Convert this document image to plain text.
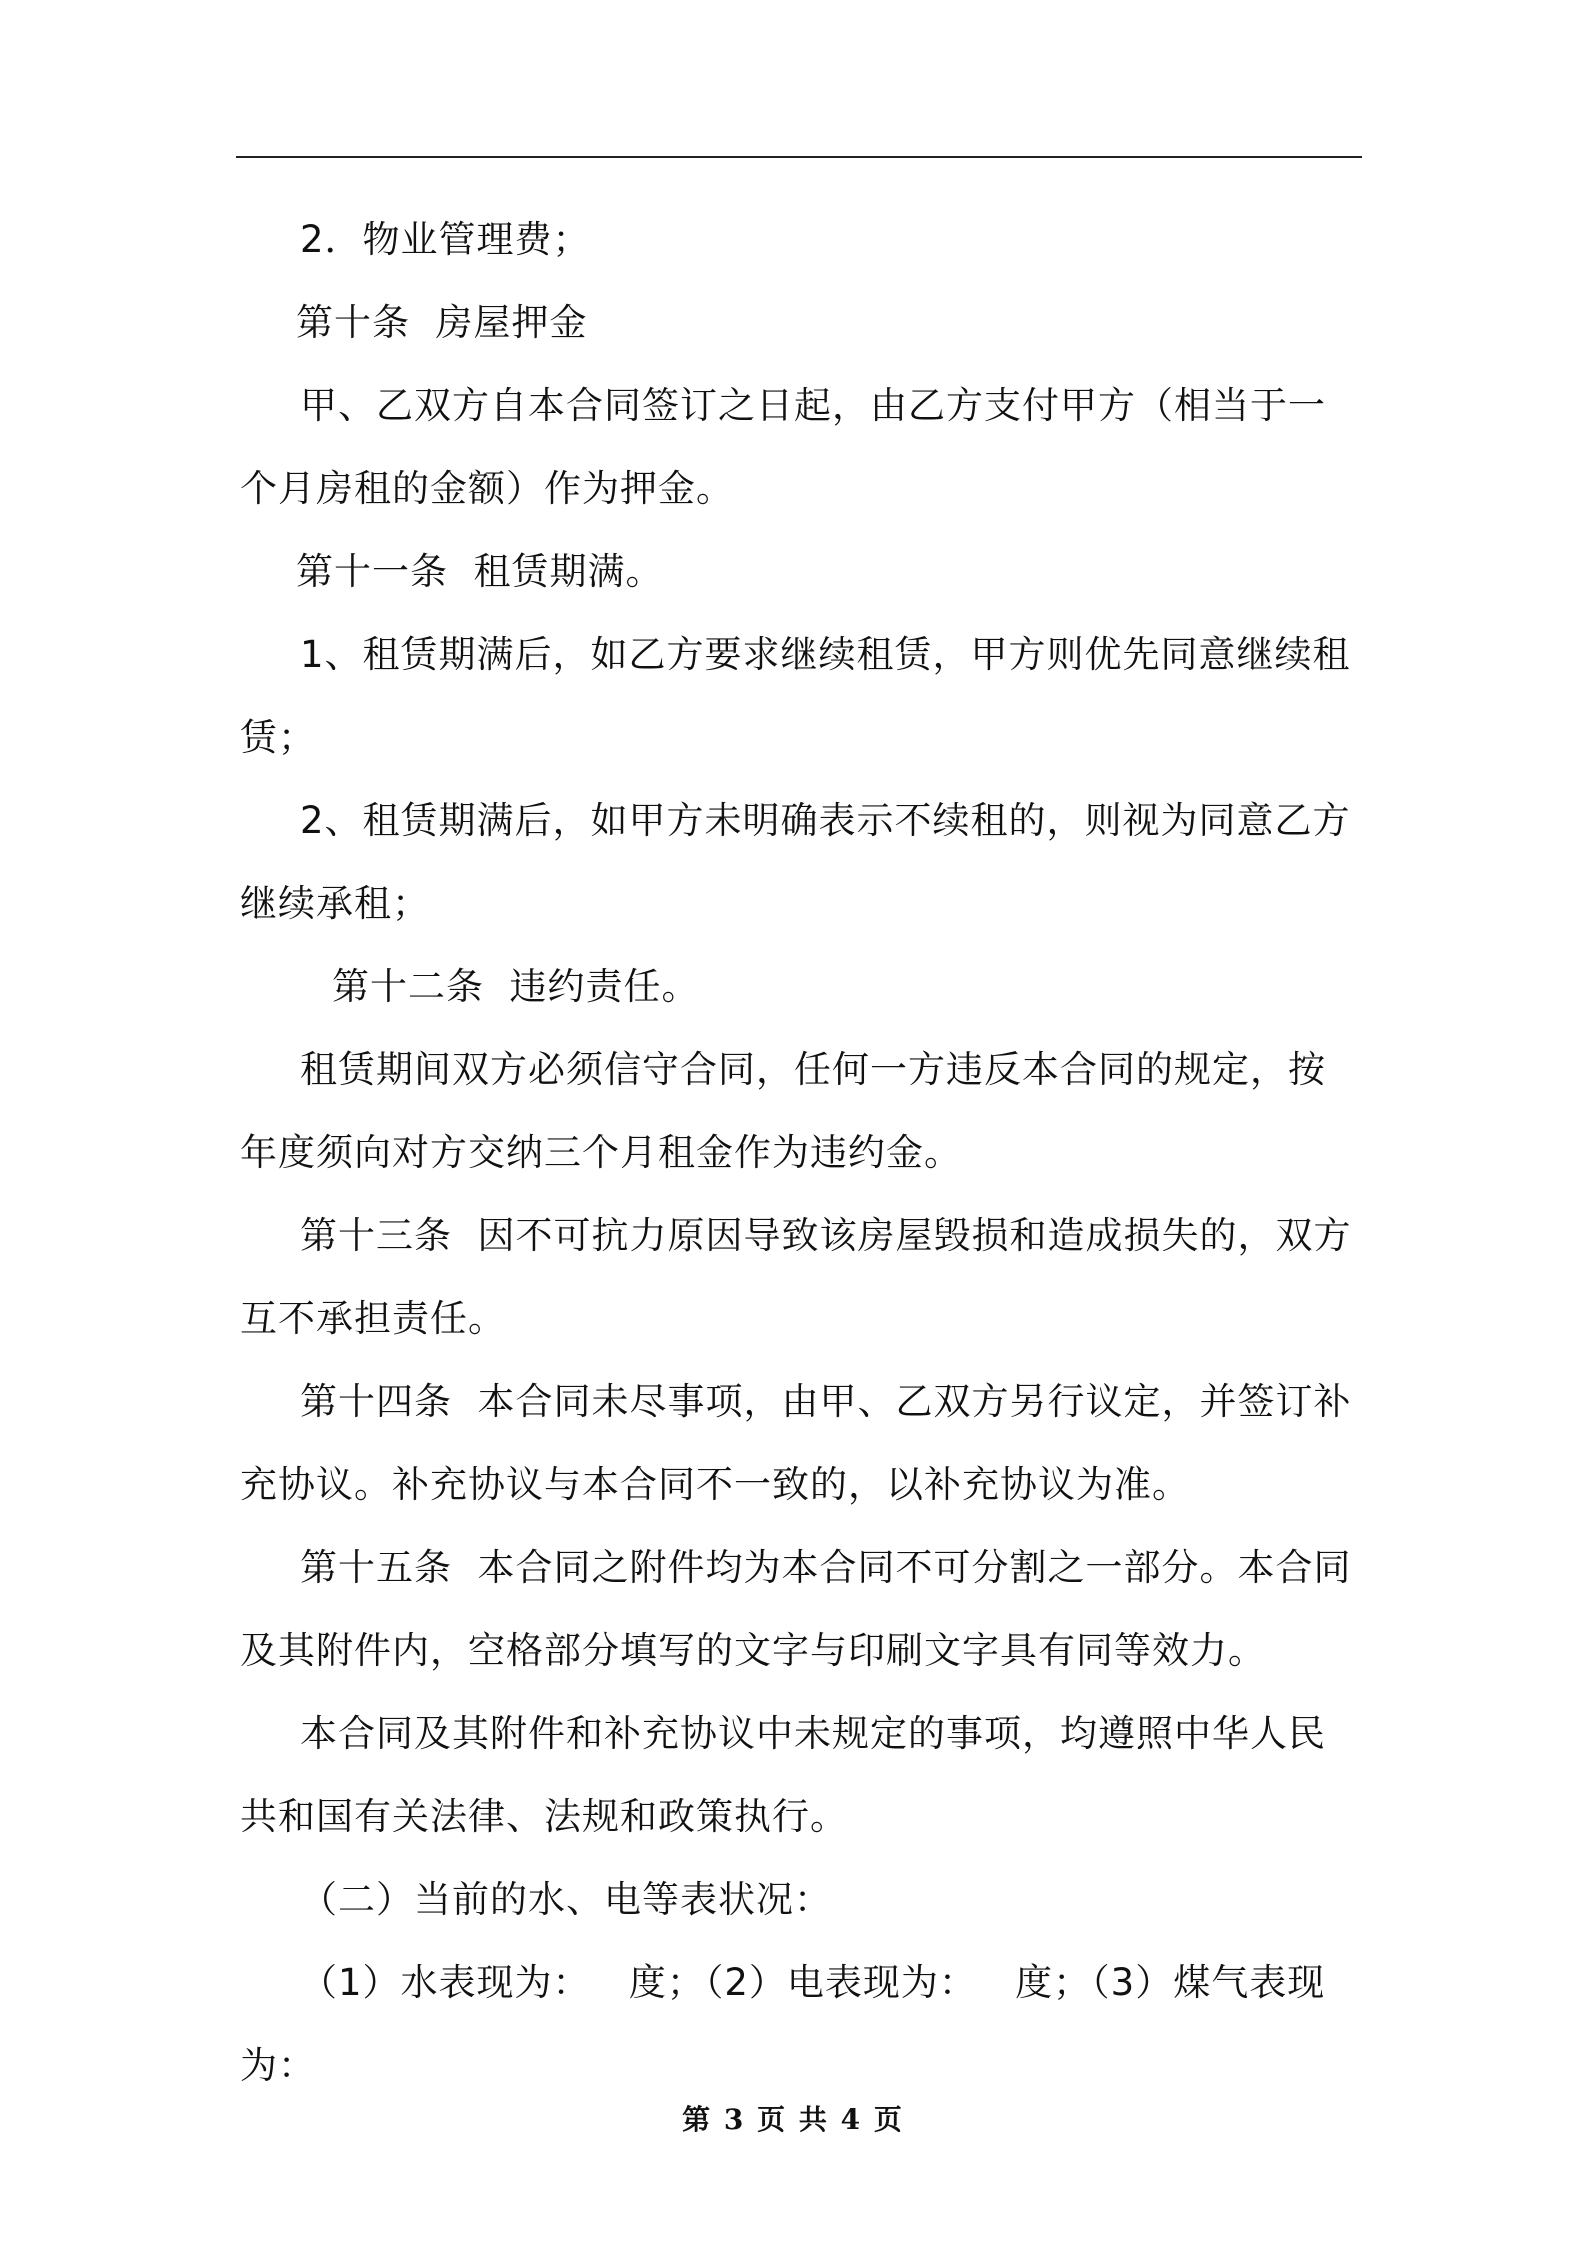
2．物业管理费；

第十条  房屋押金

甲、乙双方自本合同签订之日起，由乙方支付甲方（相当于一个月房租的金额）作为押金。

第十一条  租赁期满。

1、租赁期满后，如乙方要求继续租赁，甲方则优先同意继续租赁；

2、租赁期满后，如甲方未明确表示不续租的，则视为同意乙方继续承租；

第十二条  违约责任。

租赁期间双方必须信守合同，任何一方违反本合同的规定，按年度须向对方交纳三个月租金作为违约金。

第十三条  因不可抗力原因导致该房屋毁损和造成损失的，双方互不承担责任。

第十四条  本合同未尽事项，由甲、乙双方另行议定，并签订补充协议。补充协议与本合同不一致的，以补充协议为准。

第十五条  本合同之附件均为本合同不可分割之一部分。本合同及其附件内，空格部分填写的文字与印刷文字具有同等效力。

本合同及其附件和补充协议中未规定的事项，均遵照中华人民共和国有关法律、法规和政策执行。

（二）当前的水、电等表状况：

（1）水表现为：   度；（2）电表现为：   度；（3）煤气表现为：

第 3 页 共 4 页
